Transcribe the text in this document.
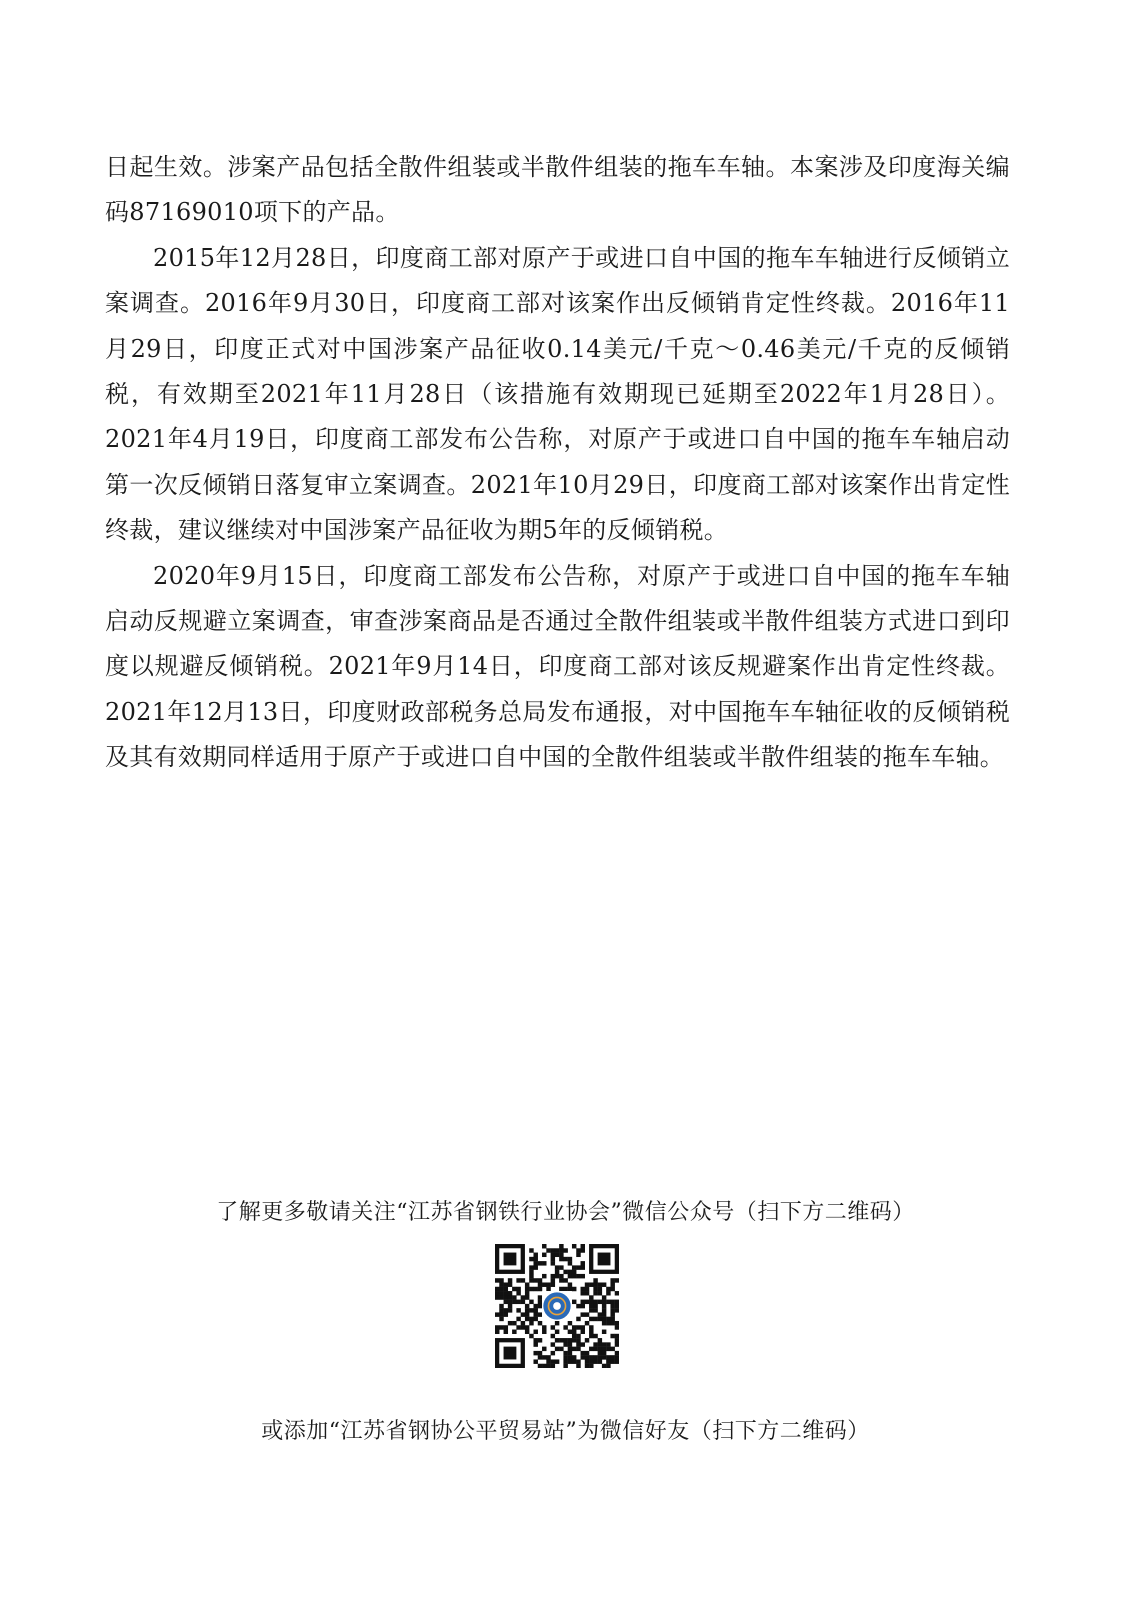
日起生效。涉案产品包括全散件组装或半散件组装的拖车车轴。本案涉及印度海关编码87169010项下的产品。

2015年12月28日，印度商工部对原产于或进口自中国的拖车车轴进行反倾销立案调查。2016年9月30日，印度商工部对该案作出反倾销肯定性终裁。2016年11月29日，印度正式对中国涉案产品征收0.14美元/千克～0.46美元/千克的反倾销税，有效期至2021年11月28日（该措施有效期现已延期至2022年1月28日）。2021年4月19日，印度商工部发布公告称，对原产于或进口自中国的拖车车轴启动第一次反倾销日落复审立案调查。2021年10月29日，印度商工部对该案作出肯定性终裁，建议继续对中国涉案产品征收为期5年的反倾销税。

2020年9月15日，印度商工部发布公告称，对原产于或进口自中国的拖车车轴启动反规避立案调查，审查涉案商品是否通过全散件组装或半散件组装方式进口到印度以规避反倾销税。2021年9月14日，印度商工部对该反规避案作出肯定性终裁。2021年12月13日，印度财政部税务总局发布通报，对中国拖车车轴征收的反倾销税及其有效期同样适用于原产于或进口自中国的全散件组装或半散件组装的拖车车轴。

了解更多敬请关注“江苏省钢铁行业协会”微信公众号（扫下方二维码）
或添加“江苏省钢协公平贸易站”为微信好友（扫下方二维码）
